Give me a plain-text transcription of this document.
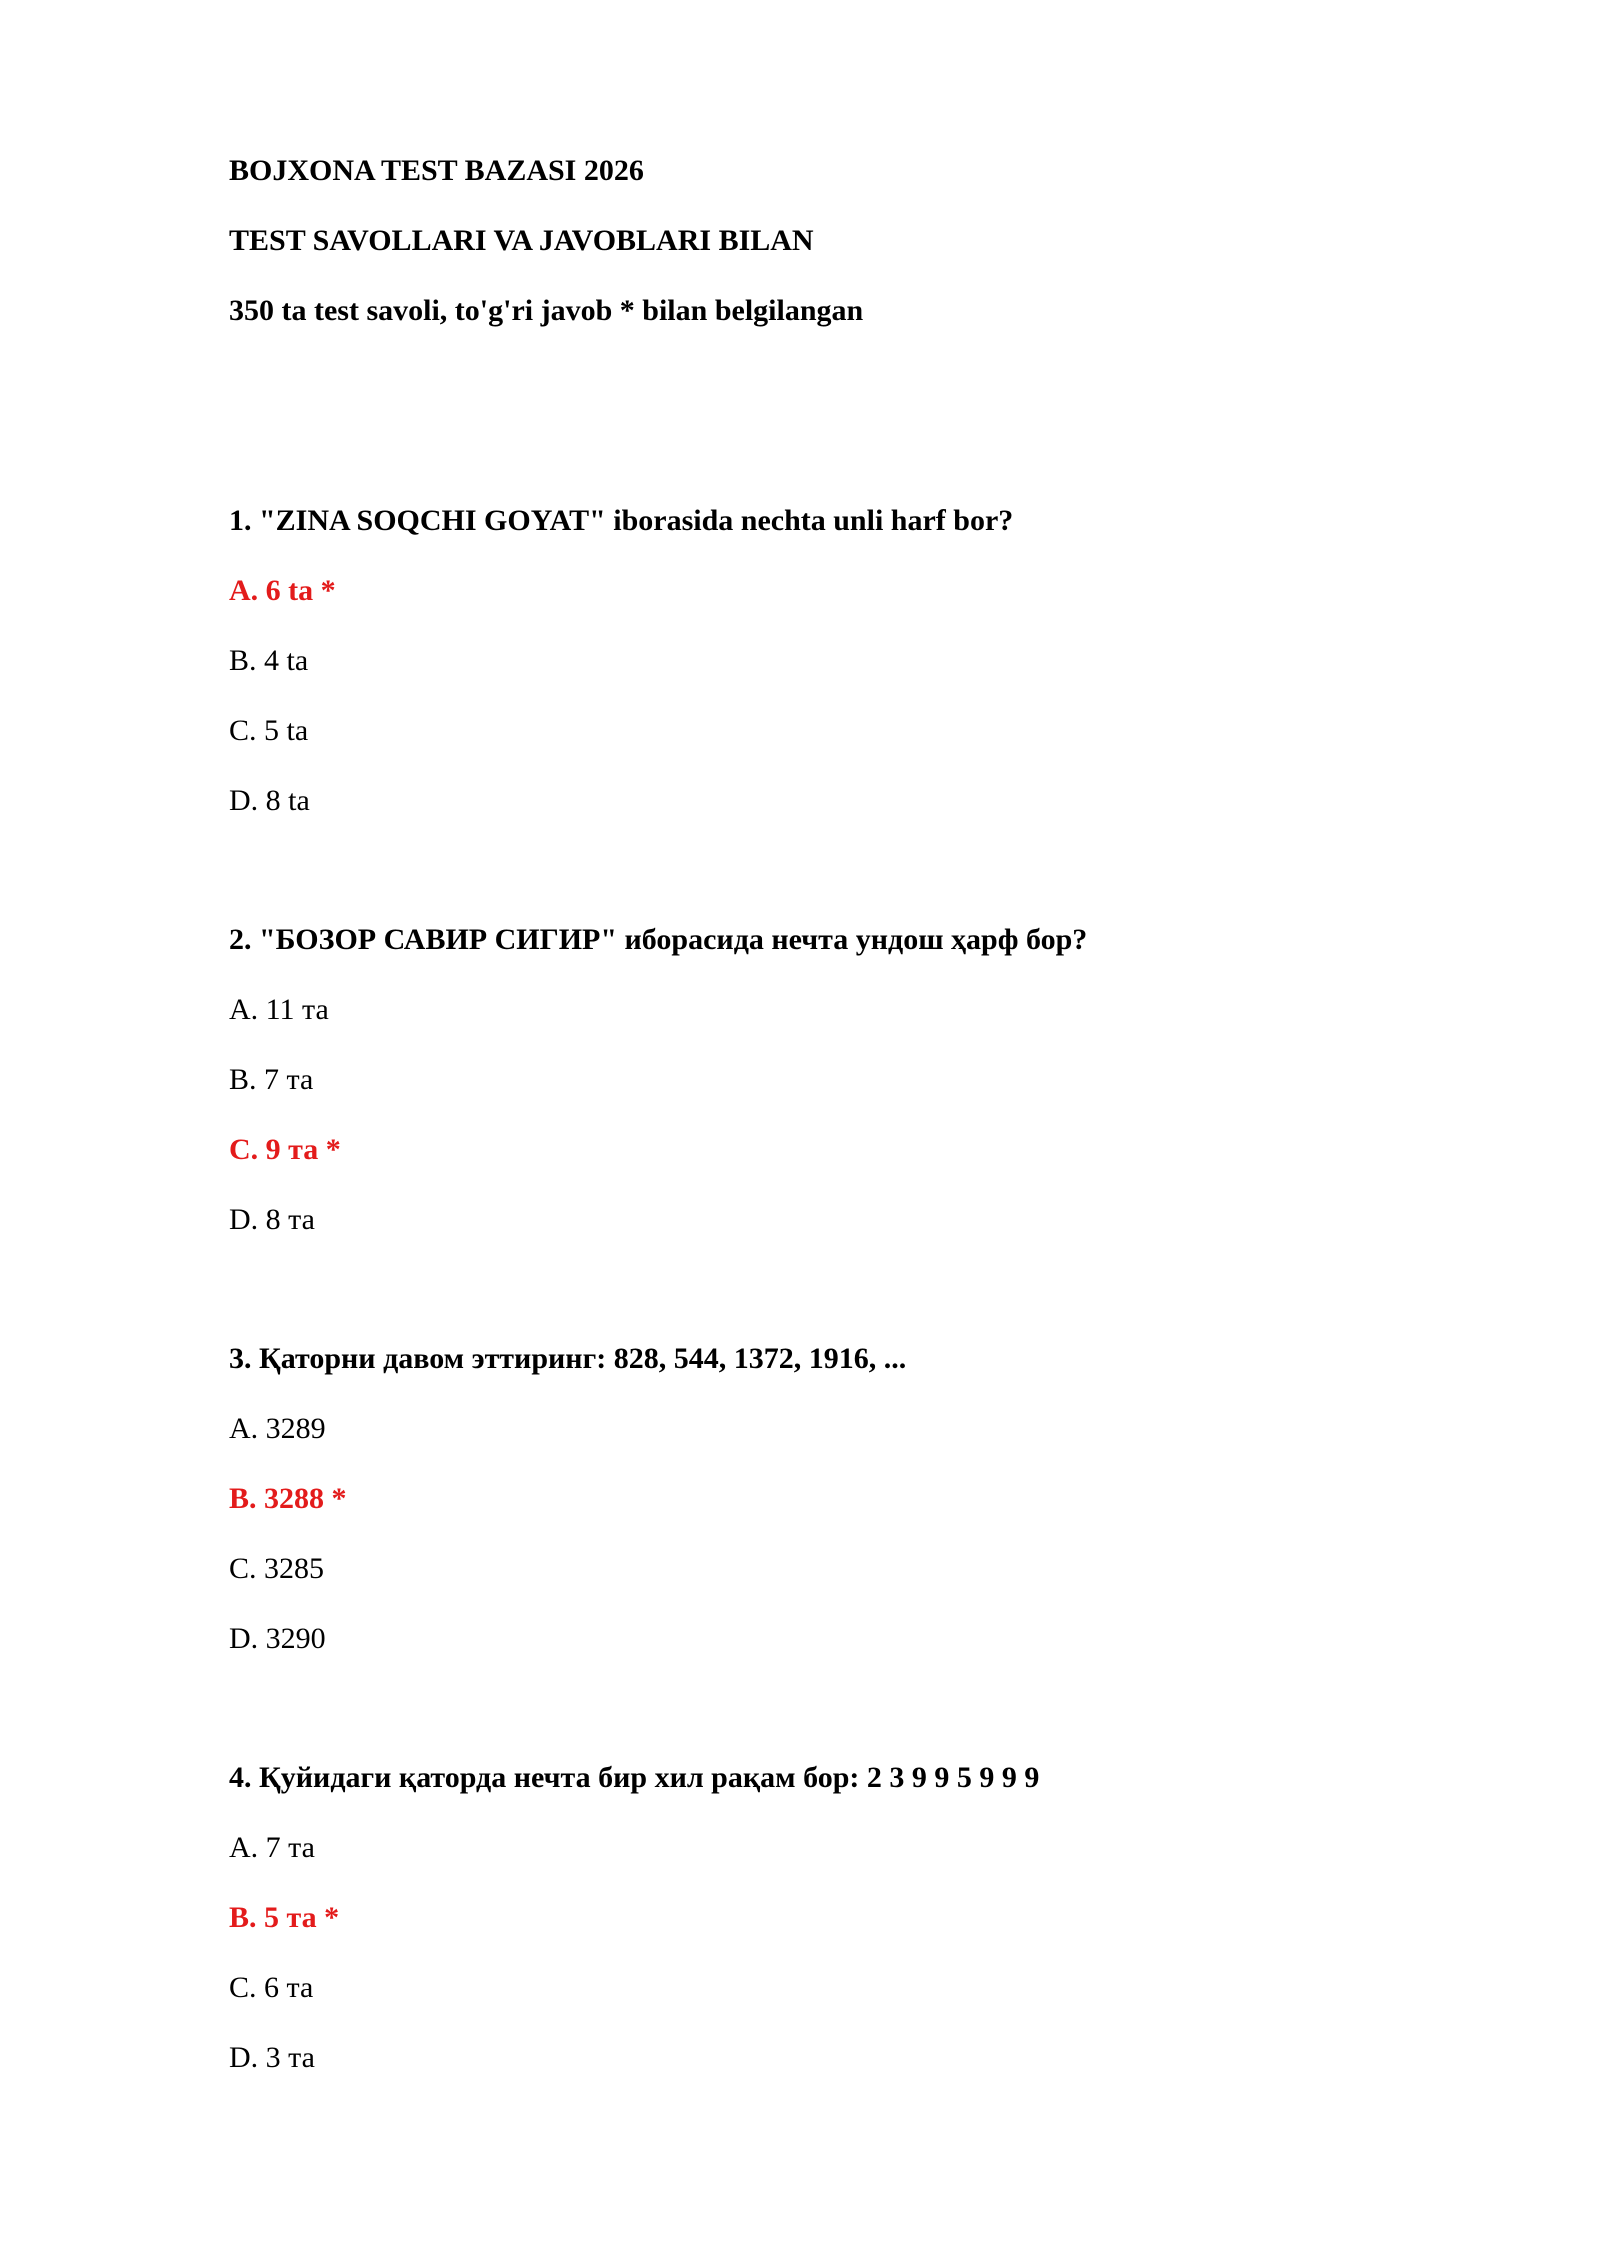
BOJXONA TEST BAZASI 2026
TEST SAVOLLARI VA JAVOBLARI BILAN
350 ta test savoli, to'g'ri javob * bilan belgilangan
1. "ZINA SOQCHI GOYAT" iborasida nechta unli harf bor?
A. 6 ta *
B. 4 ta
C. 5 ta
D. 8 ta
2. "БОЗОР САВИР СИГИР" иборасида нечта ундош ҳарф бор?
A. 11 та
B. 7 та
C. 9 та *
D. 8 та
3. Қаторни давом эттиринг: 828, 544, 1372, 1916, ...
A. 3289
B. 3288 *
C. 3285
D. 3290
4. Қуйидаги қаторда нечта бир хил рақам бор: 2 3 9 9 5 9 9 9
A. 7 та
B. 5 та *
C. 6 та
D. 3 та
